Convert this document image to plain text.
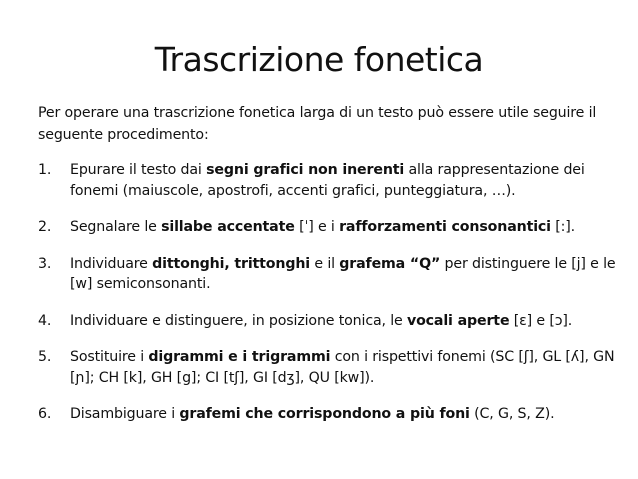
Trascrizione fonetica
Per operare una trascrizione fonetica larga di un testo può essere utile seguire il seguente procedimento:
1. Epurare il testo dai segni grafici non inerenti alla rappresentazione dei fonemi (maiuscole, apostrofi, accenti grafici, punteggiatura, …).
2. Segnalare le sillabe accentate [ˈ] e i rafforzamenti consonantici [:].
3. Individuare dittonghi, trittonghi e il grafema “Q” per distinguere le [j] e le [w] semiconsonanti.
4. Individuare e distinguere, in posizione tonica, le vocali aperte [ɛ] e [ɔ].
5. Sostituire i digrammi e i trigrammi con i rispettivi fonemi (SC [ʃ], GL [ʎ], GN [ɲ]; CH [k], GH [g]; CI [tʃ], GI [dʒ], QU [kw]).
6. Disambiguare i grafemi che corrispondono a più foni (C, G, S, Z).
